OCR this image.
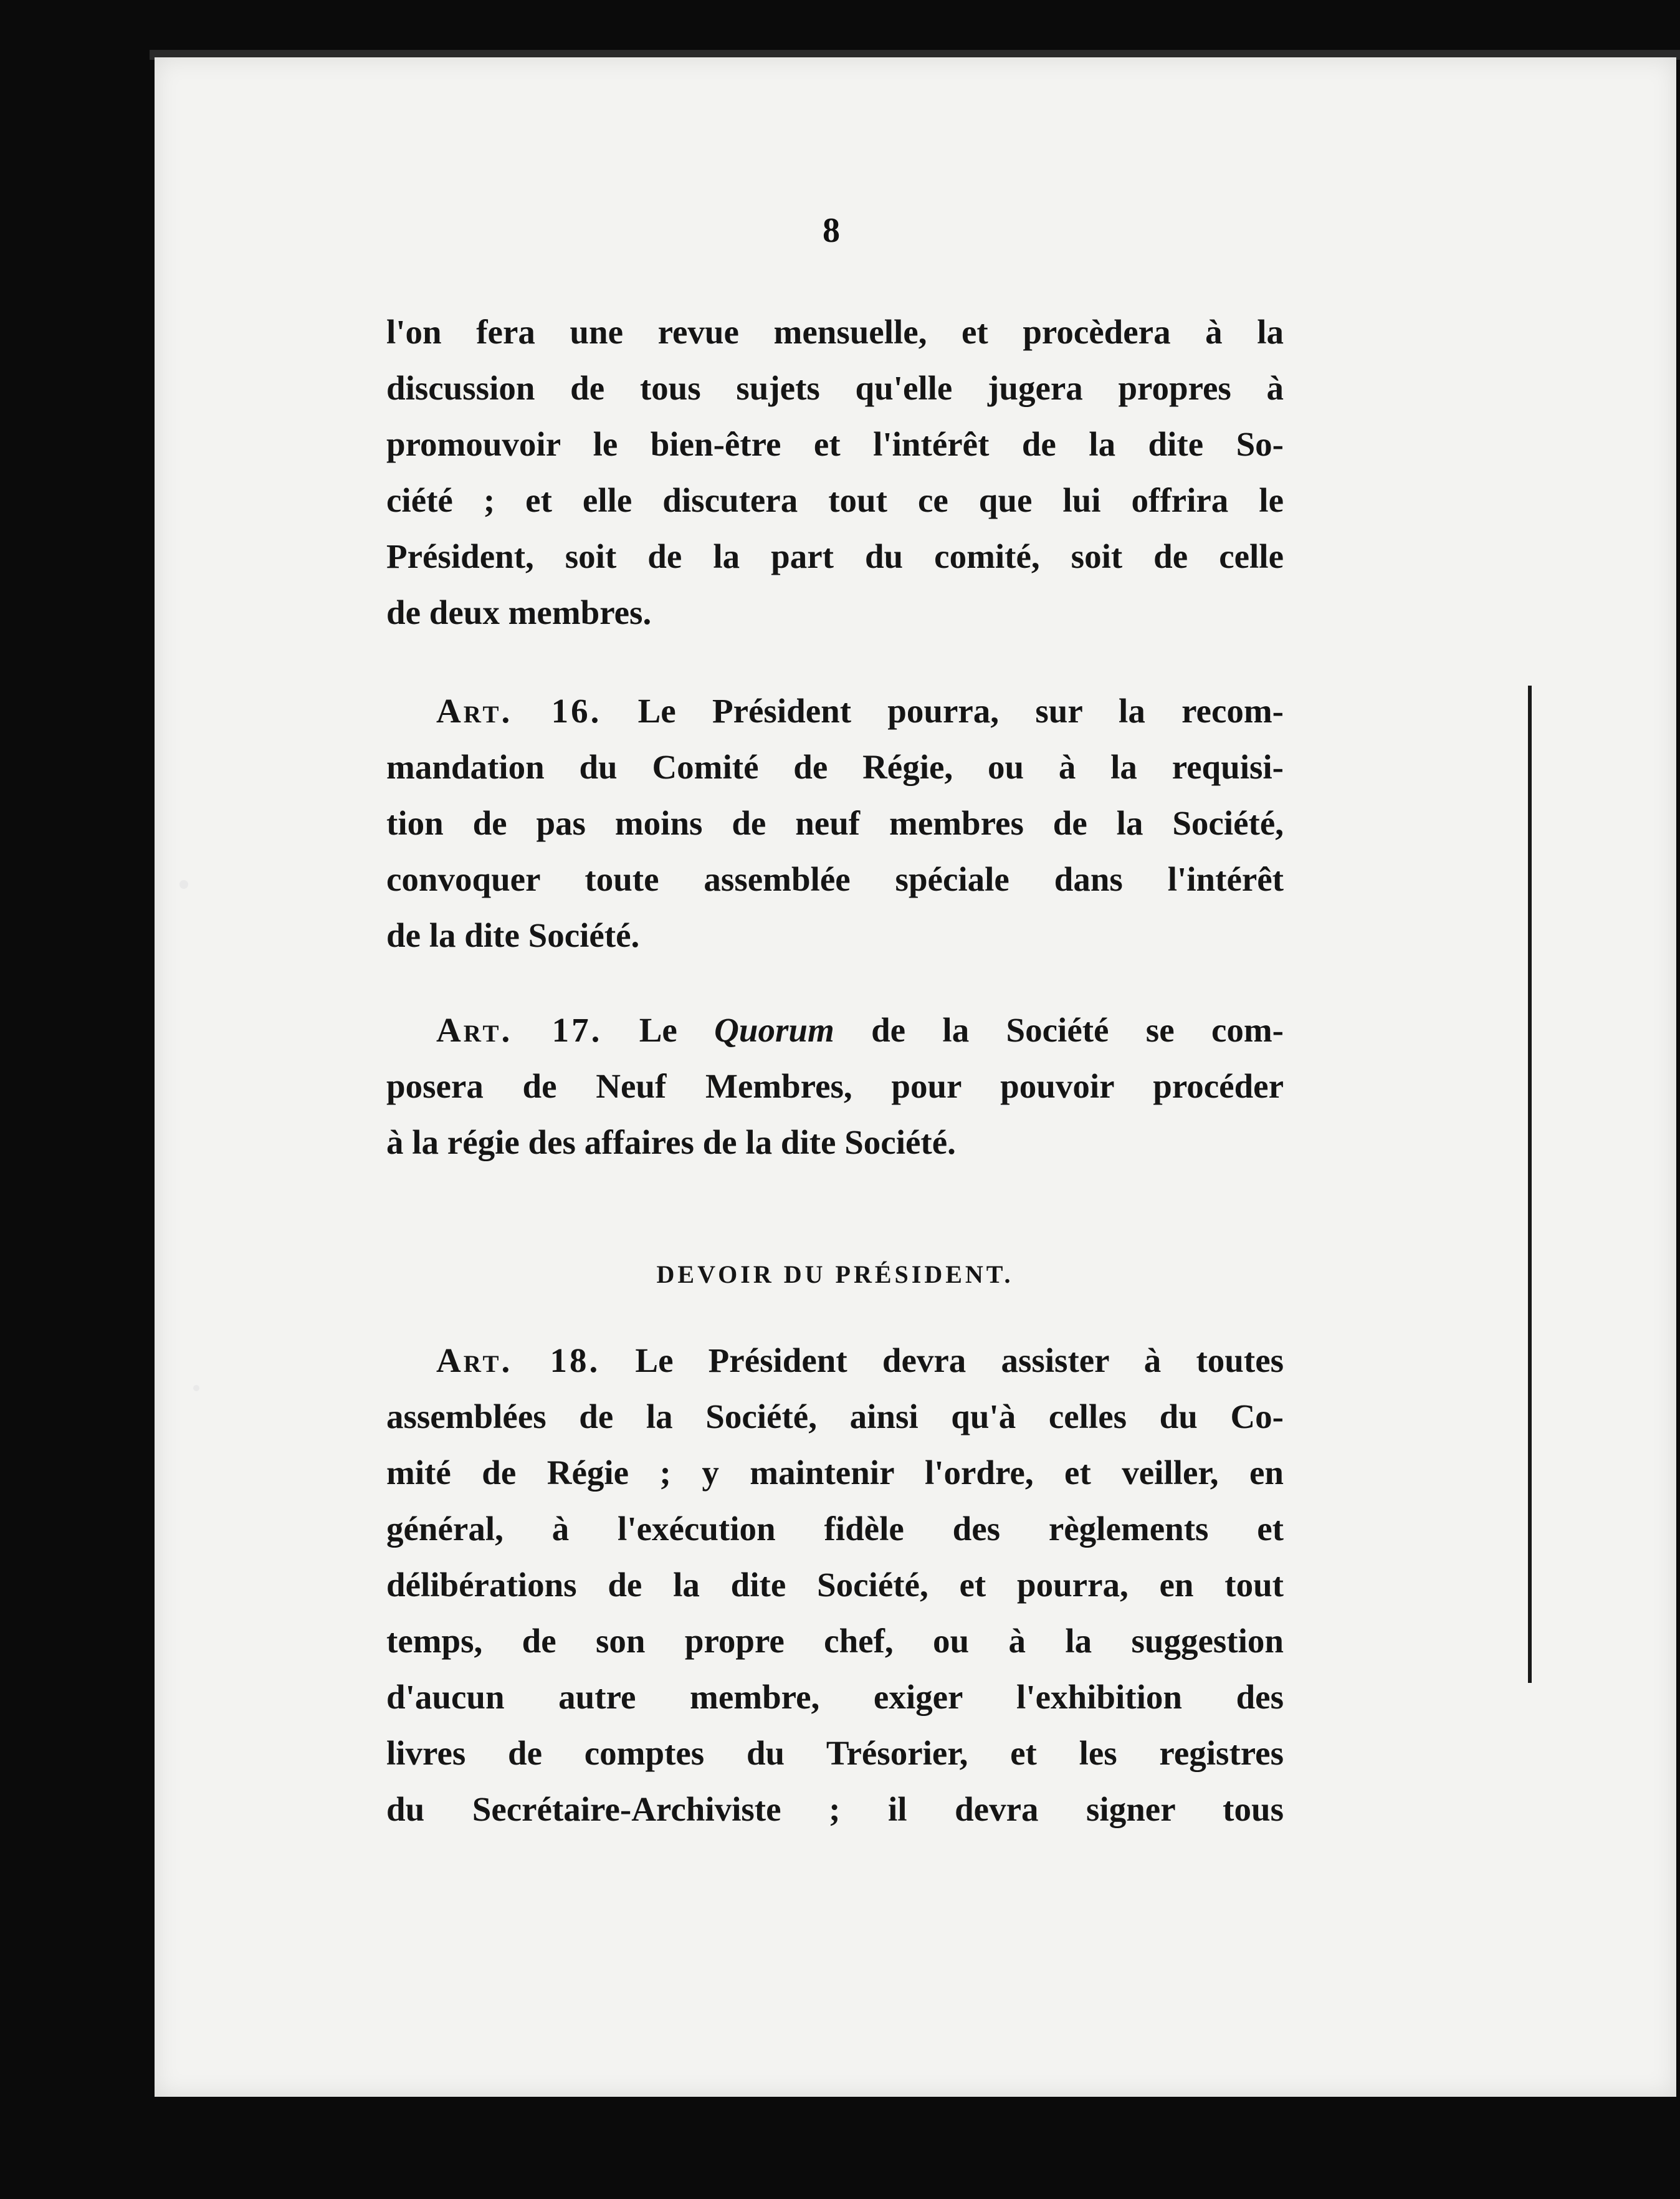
8
l'on fera une revue mensuelle, et procèdera à la
discussion de tous sujets qu'elle jugera propres à
promouvoir le bien-être et l'intérêt de la dite So-
ciété ; et elle discutera tout ce que lui offrira le
Président, soit de la part du comité, soit de celle
de deux membres.
Art. 16. Le Président pourra, sur la recom-
mandation du Comité de Régie, ou à la requisi-
tion de pas moins de neuf membres de la Société,
convoquer toute assemblée spéciale dans l'intérêt
de la dite Société.
Art. 17. Le Quorum de la Société se com-
posera de Neuf Membres, pour pouvoir procéder
à la régie des affaires de la dite Société.
DEVOIR DU PRÉSIDENT.
Art. 18. Le Président devra assister à toutes
assemblées de la Société, ainsi qu'à celles du Co-
mité de Régie ; y maintenir l'ordre, et veiller, en
général, à l'exécution fidèle des règlements et
délibérations de la dite Société, et pourra, en tout
temps, de son propre chef, ou à la suggestion
d'aucun autre membre, exiger l'exhibition des
livres de comptes du Trésorier, et les registres
du Secrétaire-Archiviste ; il devra signer tous
